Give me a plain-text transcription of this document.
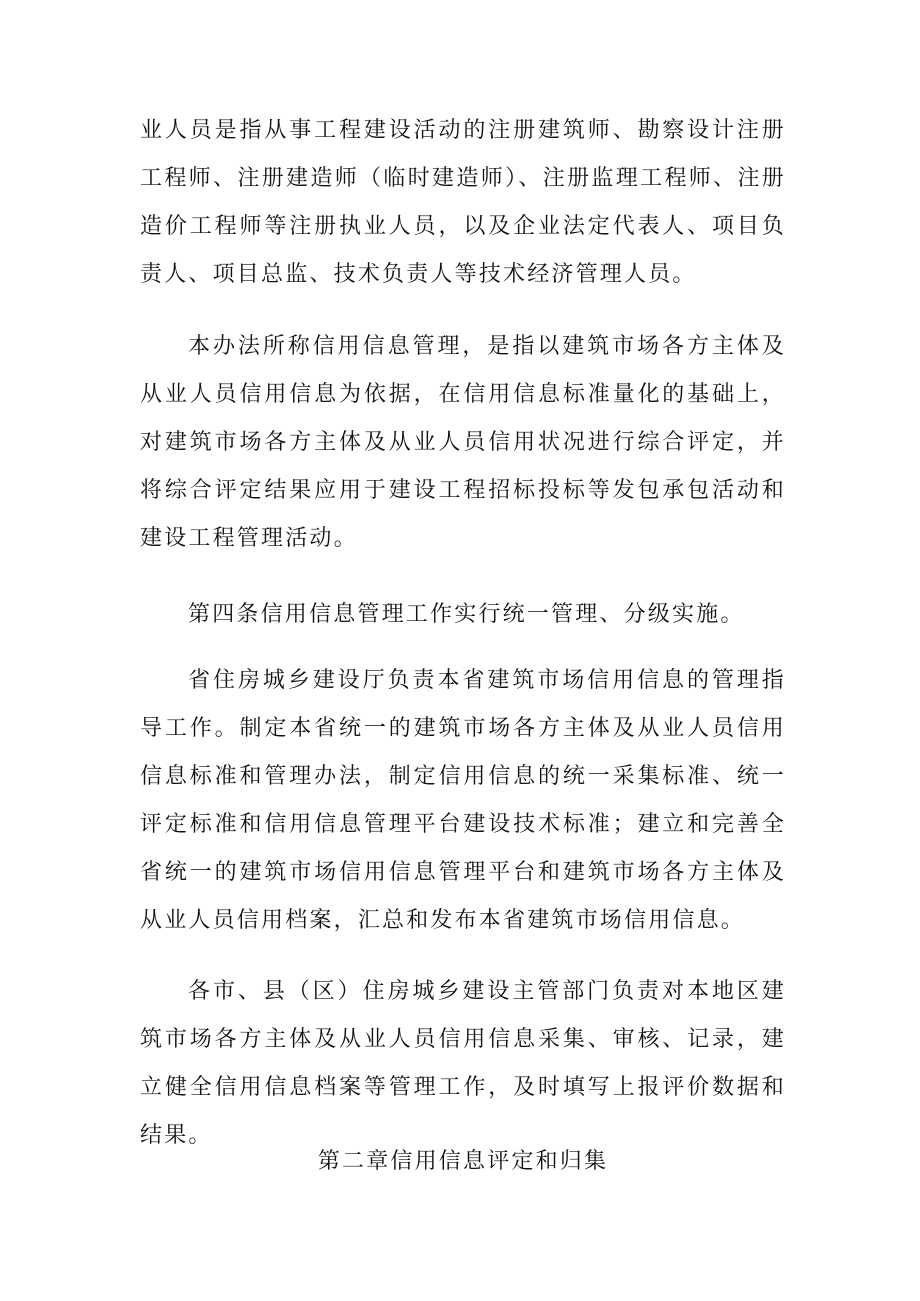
业人员是指从事工程建设活动的注册建筑师、勘察设计注册工程师、注册建造师（临时建造师）、注册监理工程师、注册造价工程师等注册执业人员，以及企业法定代表人、项目负责人、项目总监、技术负责人等技术经济管理人员。

本办法所称信用信息管理，是指以建筑市场各方主体及从业人员信用信息为依据，在信用信息标准量化的基础上，对建筑市场各方主体及从业人员信用状况进行综合评定，并将综合评定结果应用于建设工程招标投标等发包承包活动和建设工程管理活动。

第四条信用信息管理工作实行统一管理、分级实施。

省住房城乡建设厅负责本省建筑市场信用信息的管理指导工作。制定本省统一的建筑市场各方主体及从业人员信用信息标准和管理办法，制定信用信息的统一采集标准、统一评定标准和信用信息管理平台建设技术标准；建立和完善全省统一的建筑市场信用信息管理平台和建筑市场各方主体及从业人员信用档案，汇总和发布本省建筑市场信用信息。

各市、县（区）住房城乡建设主管部门负责对本地区建筑市场各方主体及从业人员信用信息采集、审核、记录，建立健全信用信息档案等管理工作，及时填写上报评价数据和结果。

第二章信用信息评定和归集
